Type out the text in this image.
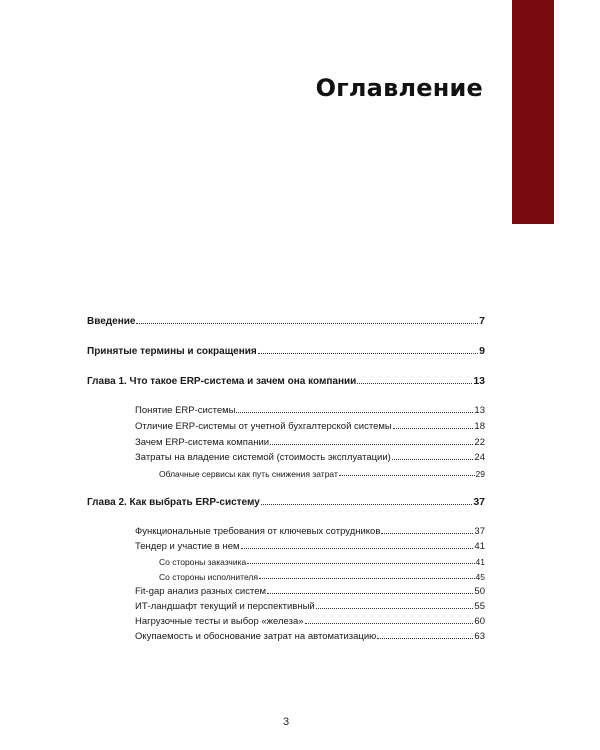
Оглавление
Введение	7
Принятые термины и сокращения	9
Глава 1. Что такое ERP-система и зачем она компании	13
Понятие ERP-системы	13
Отличие ERP-системы от учетной бухгалтерской системы	18
Зачем ERP-система компании	22
Затраты на владение системой (стоимость эксплуатации)	24
Облачные сервисы как путь снижения затрат	29
Глава 2. Как выбрать ERP-систему	37
Функциональные требования от ключевых сотрудников	37
Тендер и участие в нем	41
Со стороны заказчика	41
Со стороны исполнителя	45
Fit-gap анализ разных систем	50
ИТ-ландшафт текущий и перспективный	55
Нагрузочные тесты и выбор «железа»	60
Окупаемость и обоснование затрат на автоматизацию	63
3
